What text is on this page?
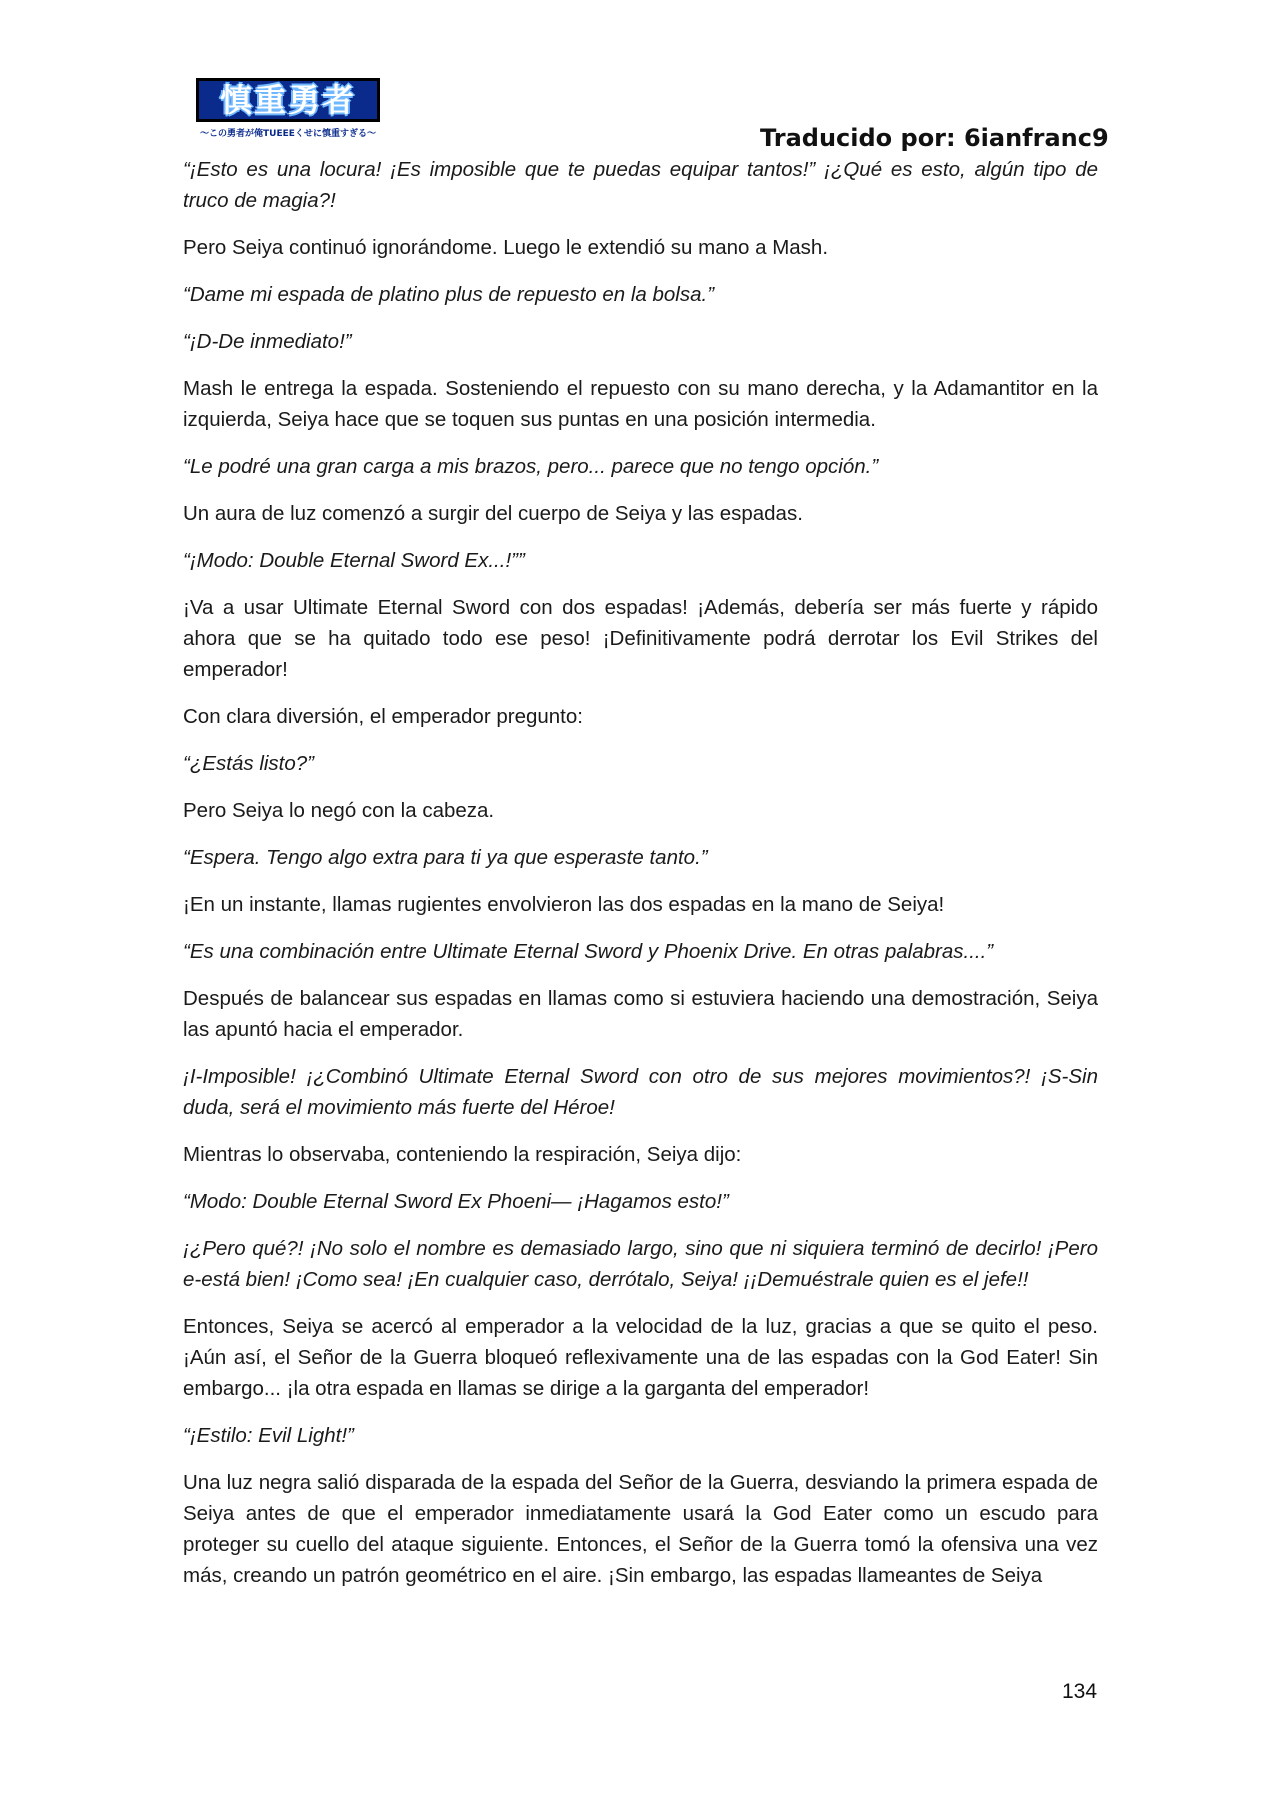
慎重勇者
〜この勇者が俺TUEEEくせに慎重すぎる〜	Traducido por: 6ianfranc9

“¡Esto es una locura! ¡Es imposible que te puedas equipar tantos!” ¡¿Qué es esto, algún tipo de truco de magia?!

Pero Seiya continuó ignorándome. Luego le extendió su mano a Mash.

“Dame mi espada de platino plus de repuesto en la bolsa.”

“¡D-De inmediato!”

Mash le entrega la espada. Sosteniendo el repuesto con su mano derecha, y la Adamantitor en la izquierda, Seiya hace que se toquen sus puntas en una posición intermedia.

“Le podré una gran carga a mis brazos, pero... parece que no tengo opción.”

Un aura de luz comenzó a surgir del cuerpo de Seiya y las espadas.

“¡Modo: Double Eternal Sword Ex...!””

¡Va a usar Ultimate Eternal Sword con dos espadas! ¡Además, debería ser más fuerte y rápido ahora que se ha quitado todo ese peso! ¡Definitivamente podrá derrotar los Evil Strikes del emperador!

Con clara diversión, el emperador pregunto:

“¿Estás listo?”

Pero Seiya lo negó con la cabeza.

“Espera. Tengo algo extra para ti ya que esperaste tanto.”

¡En un instante, llamas rugientes envolvieron las dos espadas en la mano de Seiya!

“Es una combinación entre Ultimate Eternal Sword y Phoenix Drive. En otras palabras....”

Después de balancear sus espadas en llamas como si estuviera haciendo una demostración, Seiya las apuntó hacia el emperador.

¡I-Imposible! ¡¿Combinó Ultimate Eternal Sword con otro de sus mejores movimientos?! ¡S-Sin duda, será el movimiento más fuerte del Héroe!

Mientras lo observaba, conteniendo la respiración, Seiya dijo:

“Modo: Double Eternal Sword Ex Phoeni— ¡Hagamos esto!”

¡¿Pero qué?! ¡No solo el nombre es demasiado largo, sino que ni siquiera terminó de decirlo! ¡Pero e-está bien! ¡Como sea! ¡En cualquier caso, derrótalo, Seiya! ¡¡Demuéstrale quien es el jefe!!

Entonces, Seiya se acercó al emperador a la velocidad de la luz, gracias a que se quito el peso. ¡Aún así, el Señor de la Guerra bloqueó reflexivamente una de las espadas con la God Eater! Sin embargo... ¡la otra espada en llamas se dirige a la garganta del emperador!

“¡Estilo: Evil Light!”

Una luz negra salió disparada de la espada del Señor de la Guerra, desviando la primera espada de Seiya antes de que el emperador inmediatamente usará la God Eater como un escudo para proteger su cuello del ataque siguiente. Entonces, el Señor de la Guerra tomó la ofensiva una vez más, creando un patrón geométrico en el aire. ¡Sin embargo, las espadas llameantes de Seiya

134
